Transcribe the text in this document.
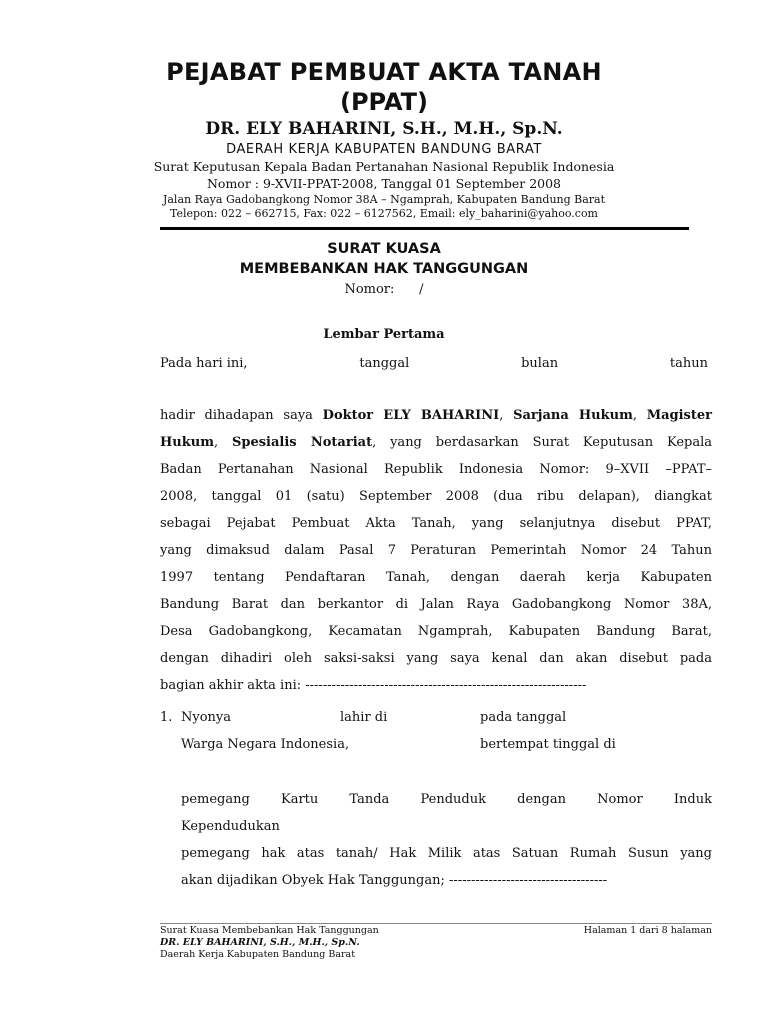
PEJABAT PEMBUAT AKTA TANAH
(PPAT)
DR. ELY BAHARINI, S.H., M.H., Sp.N.
DAERAH KERJA KABUPATEN BANDUNG BARAT
Surat Keputusan Kepala Badan Pertanahan Nasional Republik Indonesia
Nomor : 9-XVII-PPAT-2008, Tanggal 01 September 2008
Jalan Raya Gadobangkong Nomor 38A – Ngamprah, Kabupaten Bandung Barat
Telepon: 022 – 662715, Fax: 022 – 6127562, Email: ely_baharini@yahoo.com
SURAT KUASA
MEMBEBANKAN HAK TANGGUNGAN
Nomor:      /
Lembar Pertama
Pada hari ini,	tanggal	bulan	tahun
hadir dihadapan saya Doktor ELY BAHARINI, Sarjana Hukum, Magister
Hukum, Spesialis Notariat, yang berdasarkan Surat Keputusan Kepala
Badan Pertanahan Nasional Republik Indonesia Nomor: 9–XVII –PPAT–
2008, tanggal 01 (satu) September 2008 (dua ribu delapan), diangkat
sebagai Pejabat Pembuat Akta Tanah, yang selanjutnya disebut PPAT,
yang dimaksud dalam Pasal 7 Peraturan Pemerintah Nomor 24 Tahun
1997 tentang Pendaftaran Tanah, dengan daerah kerja Kabupaten
Bandung Barat dan berkantor di Jalan Raya Gadobangkong Nomor 38A,
Desa Gadobangkong, Kecamatan Ngamprah, Kabupaten Bandung Barat,
dengan dihadiri oleh saksi-saksi yang saya kenal dan akan disebut pada
bagian akhir akta ini: ----------------------------------------------------------------
1. Nyonya	lahir di	pada tanggal
Warga Negara Indonesia,	bertempat tinggal di
pemegang Kartu Tanda Penduduk dengan Nomor Induk
Kependudukan
pemegang hak atas tanah/ Hak Milik atas Satuan Rumah Susun yang
akan dijadikan Obyek Hak Tanggungan; ------------------------------------
Surat Kuasa Membebankan Hak Tanggungan	Halaman 1 dari 8 halaman
DR. ELY BAHARINI, S.H., M.H., Sp.N.
Daerah Kerja Kabupaten Bandung Barat
